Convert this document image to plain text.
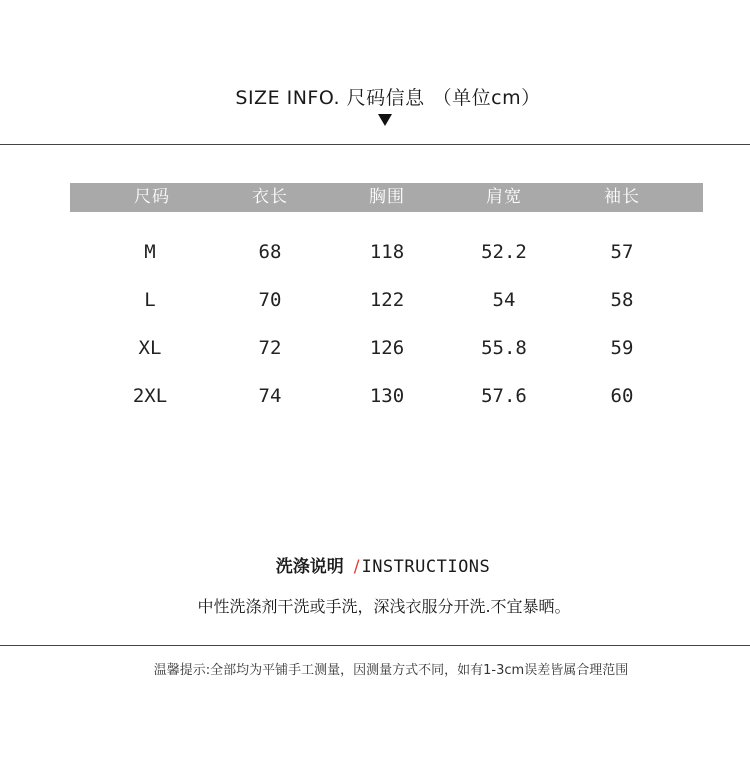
SIZE INFO. 尺码信息 （单位cm）
尺码	衣长	胸围	肩宽	袖长
M	68	118	52.2	57
L	70	122	54	58
XL	72	126	55.8	59
2XL	74	130	57.6	60
洗涤说明 / INSTRUCTIONS
中性洗涤剂干洗或手洗，深浅衣服分开洗.不宜暴晒。
温馨提示:全部均为平铺手工测量，因测量方式不同，如有1-3cm误差皆属合理范围
